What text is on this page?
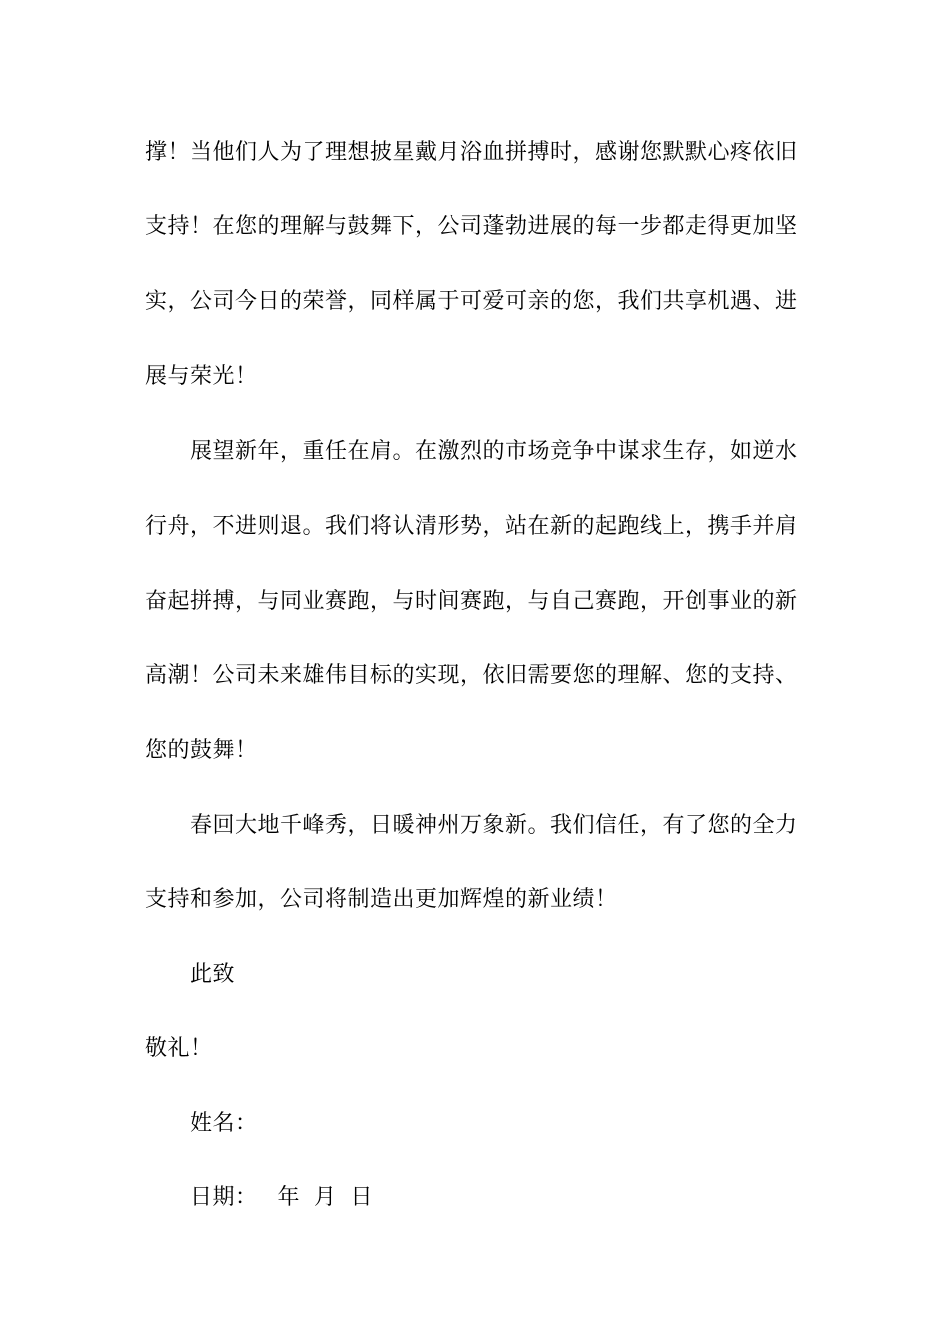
撑！当他们人为了理想披星戴月浴血拼搏时，感谢您默默心疼依旧
支持！在您的理解与鼓舞下，公司蓬勃进展的每一步都走得更加坚
实，公司今日的荣誉，同样属于可爱可亲的您，我们共享机遇、进
展与荣光！
展望新年，重任在肩。在激烈的市场竞争中谋求生存，如逆水
行舟，不进则退。我们将认清形势，站在新的起跑线上，携手并肩
奋起拼搏，与同业赛跑，与时间赛跑，与自己赛跑，开创事业的新
高潮！公司未来雄伟目标的实现，依旧需要您的理解、您的支持、
您的鼓舞！
春回大地千峰秀，日暖神州万象新。我们信任，有了您的全力
支持和参加，公司将制造出更加辉煌的新业绩！
此致
敬礼！
姓名：
日期： 年 月 日
